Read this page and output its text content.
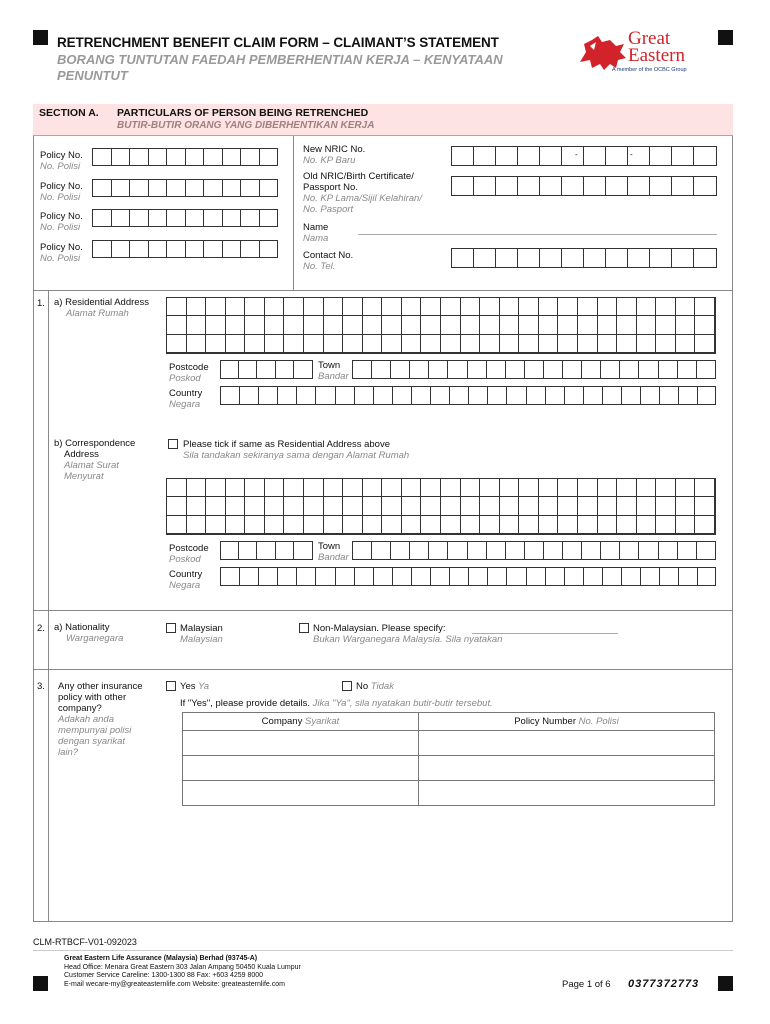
RETRENCHMENT BENEFIT CLAIM FORM – CLAIMANT’S STATEMENT
BORANG TUNTUTAN FAEDAH PEMBERHENTIAN KERJA – KENYATAAN PENUNTUT
Great
Eastern
A member of the OCBC Group
SECTION A. PARTICULARS OF PERSON BEING RETRENCHED
BUTIR-BUTIR ORANG YANG DIBERHENTIKAN KERJA
Policy No.
No. Polisi
Policy No.
No. Polisi
Policy No.
No. Polisi
Policy No.
No. Polisi
New NRIC No.
No. KP Baru
-	-
Old NRIC/Birth Certificate/
Passport No.
No. KP Lama/Sijil Kelahiran/
No. Pasport
Name
Nama
Contact No.
No. Tel.
1. a) Residential Address
Alamat Rumah
Postcode
Poskod
Town
Bandar
Country
Negara
b) Correspondence
Address
Alamat Surat
Menyurat
Please tick if same as Residential Address above
Sila tandakan sekiranya sama dengan Alamat Rumah
Postcode
Poskod
Town
Bandar
Country
Negara
2. a) Nationality
Warganegara
Malaysian
Malaysian
Non-Malaysian. Please specify:
Bukan Warganegara Malaysia. Sila nyatakan
3. Any other insurance
policy with other
company?
Adakah anda
mempunyai polisi
dengan syarikat
lain?
Yes Ya	No Tidak
If "Yes", please provide details. Jika "Ya", sila nyatakan butir-butir tersebut.
Company Syarikat	Policy Number No. Polisi

CLM-RTBCF-V01-092023
Great Eastern Life Assurance (Malaysia) Berhad (93745-A)
Head Office: Menara Great Eastern 303 Jalan Ampang 50450 Kuala Lumpur
Customer Service Careline: 1300-1300 88 Fax: +603 4259 8000
E-mail wecare-my@greateasternlife.com Website: greateasternlife.com	Page 1 of 6 0377372773
